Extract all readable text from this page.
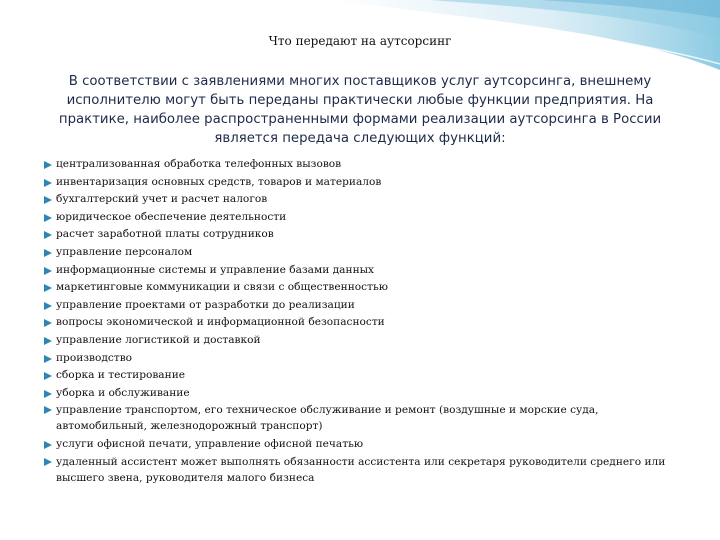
Что передают на аутсорсинг
В соответствии с заявлениями многих поставщиков услуг аутсорсинга, внешнему исполнителю могут быть переданы практически любые функции предприятия. На практике, наиболее распространенными формами реализации аутсорсинга в России является передача следующих функций:
централизованная обработка телефонных вызовов
инвентаризация основных средств, товаров и материалов
бухгалтерский учет и расчет налогов
юридическое обеспечение деятельности
расчет заработной платы сотрудников
управление персоналом
информационные системы и управление базами данных
маркетинговые коммуникации и связи с общественностью
управление проектами от разработки до реализации
вопросы экономической и информационной безопасности
управление логистикой и доставкой
производство
сборка и тестирование
уборка и обслуживание
управление транспортом, его техническое обслуживание и ремонт (воздушные и морские суда, автомобильный, железнодорожный транспорт)
услуги офисной печати, управление офисной печатью
удаленный ассистент может выполнять обязанности ассистента или секретаря руководители среднего или высшего звена, руководителя малого бизнеса
